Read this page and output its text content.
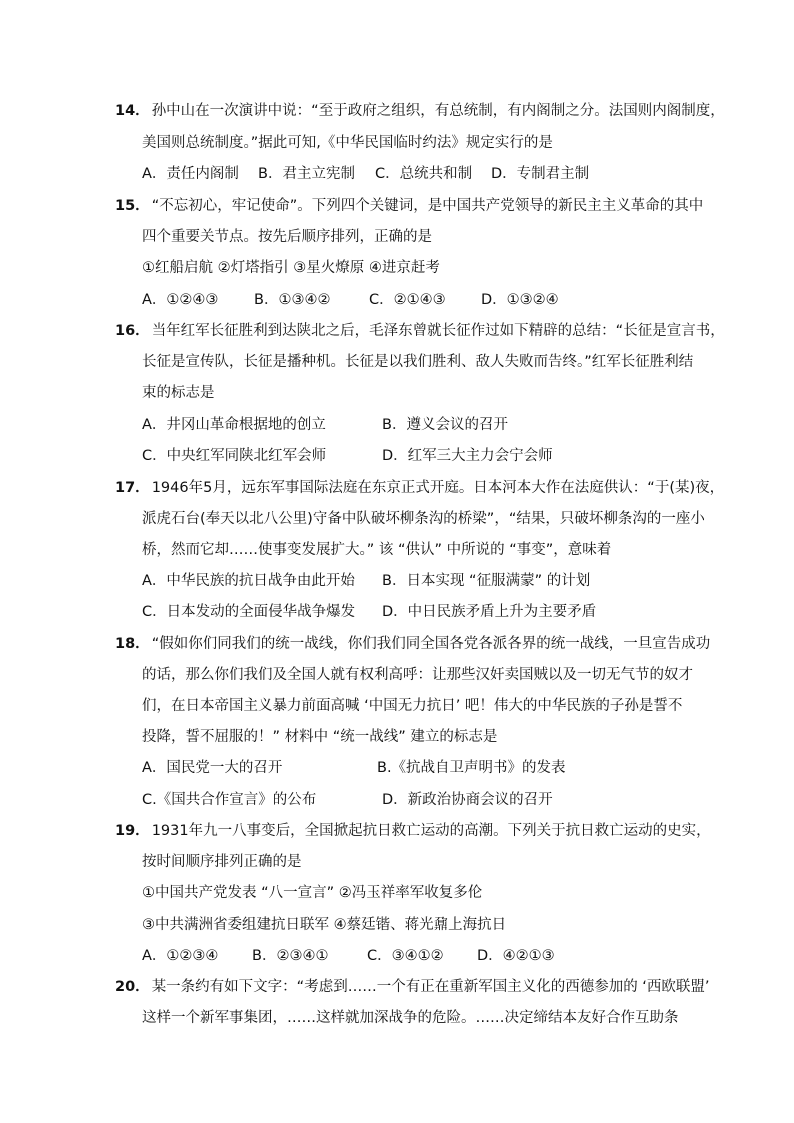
14． 孙中山在一次演讲中说：“至于政府之组织，有总统制，有内阁制之分。法国则内阁制度，
美国则总统制度。”据此可知,《中华民国临时约法》规定实行的是
A．责任内阁制 B．君主立宪制 C．总统共和制 D．专制君主制
15． “不忘初心，牢记使命”。下列四个关键词，是中国共产党领导的新民主主义革命的其中
四个重要关节点。按先后顺序排列，正确的是
①红船启航 ②灯塔指引 ③星火燎原 ④进京赶考
A．①②④③ B．①③④②	C．②①④③ D．①③②④
16． 当年红军长征胜利到达陕北之后，毛泽东曾就长征作过如下精辟的总结：“长征是宣言书，
长征是宣传队，长征是播种机。长征是以我们胜利、敌人失败而告终。”红军长征胜利结
束的标志是
A．井冈山革命根据地的创立	B．遵义会议的召开
C．中央红军同陕北红军会师	D．红军三大主力会宁会师
17． 1946年5月，远东军事国际法庭在东京正式开庭。日本河本大作在法庭供认：“于(某)夜，
派虎石台(奉天以北八公里)守备中队破坏柳条沟的桥梁”，“结果，只破坏柳条沟的一座小
桥，然而它却……使事变发展扩大。” 该 “供认” 中所说的 “事变”，意味着
A．中华民族的抗日战争由此开始 B．日本实现 “征服满蒙” 的计划
C．日本发动的全面侵华战争爆发 D．中日民族矛盾上升为主要矛盾
18． “假如你们同我们的统一战线，你们我们同全国各党各派各界的统一战线，一旦宣告成功
的话，那么你们我们及全国人就有权利高呼：让那些汉奸卖国贼以及一切无气节的奴才
们，在日本帝国主义暴力前面高喊 ‘中国无力抗日’ 吧！伟大的中华民族的子孙是誓不
投降，誓不屈服的！” 材料中 “统一战线” 建立的标志是
A．国民党一大的召开	B.《抗战自卫声明书》的发表
C.《国共合作宣言》的公布	D．新政治协商会议的召开
19． 1931年九一八事变后，全国掀起抗日救亡运动的高潮。下列关于抗日救亡运动的史实，
按时间顺序排列正确的是
①中国共产党发表 “八一宣言” ②冯玉祥率军收复多伦
③中共满洲省委组建抗日联军 ④蔡廷锴、蒋光鼐上海抗日
A．①②③④ B．②③④①	C．③④①② D．④②①③
20． 某一条约有如下文字：“考虑到……一个有正在重新军国主义化的西德参加的 ‘西欧联盟’
这样一个新军事集团，……这样就加深战争的危险。……决定缔结本友好合作互助条
